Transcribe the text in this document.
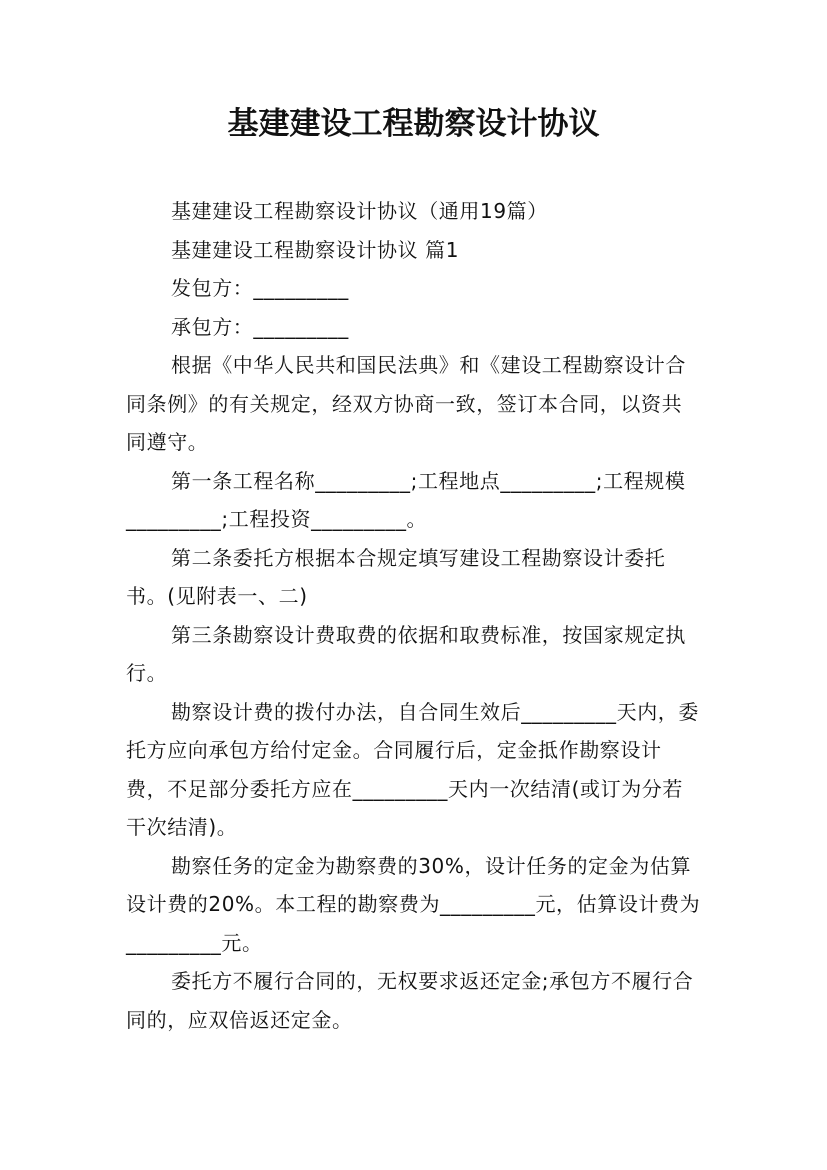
基建建设工程勘察设计协议

基建建设工程勘察设计协议（通用19篇）

基建建设工程勘察设计协议 篇1

发包方：_________

承包方：_________

根据《中华人民共和国民法典》和《建设工程勘察设计合同条例》的有关规定，经双方协商一致，签订本合同，以资共同遵守。

第一条工程名称_________;工程地点_________;工程规模_________;工程投资_________。

第二条委托方根据本合规定填写建设工程勘察设计委托书。(见附表一、二)

第三条勘察设计费取费的依据和取费标准，按国家规定执行。

勘察设计费的拨付办法，自合同生效后_________天内，委托方应向承包方给付定金。合同履行后，定金抵作勘察设计费，不足部分委托方应在_________天内一次结清(或订为分若干次结清)。

勘察任务的定金为勘察费的30%，设计任务的定金为估算设计费的20%。本工程的勘察费为_________元，估算设计费为_________元。

委托方不履行合同的，无权要求返还定金;承包方不履行合同的，应双倍返还定金。
